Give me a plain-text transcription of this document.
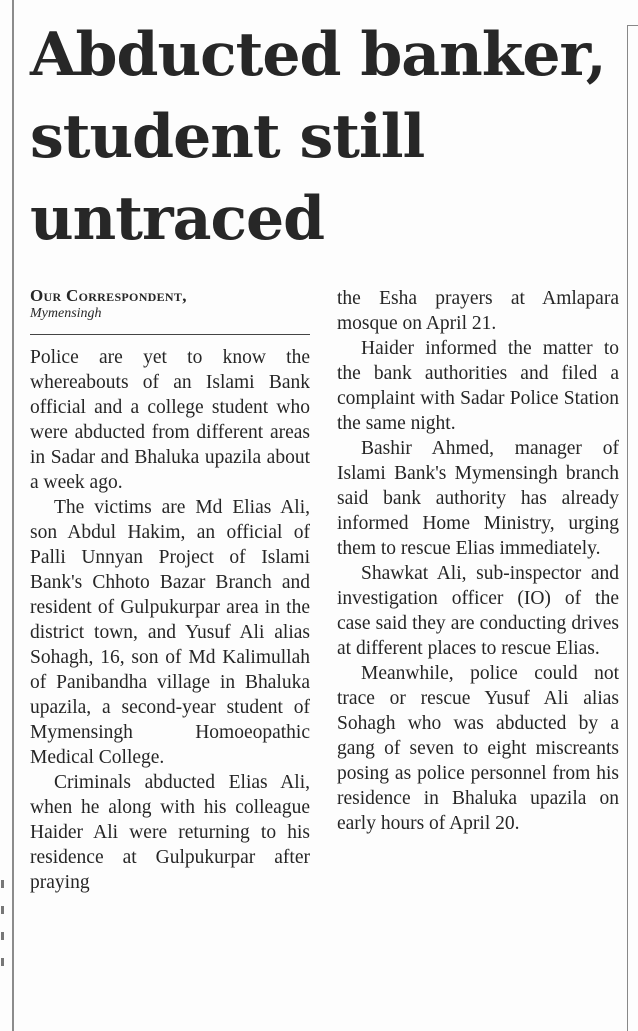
Abducted banker, student still untraced
Our Correspondent,
Mymensingh

Police are yet to know the whereabouts of an Islami Bank official and a college student who were abducted from different areas in Sadar and Bhaluka upazila about a week ago.

The victims are Md Elias Ali, son Abdul Hakim, an official of Palli Unnyan Project of Islami Bank's Chhoto Bazar Branch and resident of Gulpukurpar area in the district town, and Yusuf Ali alias Sohagh, 16, son of Md Kalimullah of Panibandha village in Bhaluka upazila, a second-year student of Mymensingh Homoeopathic Medical College.

Criminals abducted Elias Ali, when he along with his colleague Haider Ali were returning to his residence at Gulpukurpar after praying

the Esha prayers at Amlapara mosque on April 21.

Haider informed the matter to the bank authorities and filed a complaint with Sadar Police Station the same night.

Bashir Ahmed, manager of Islami Bank's Mymensingh branch said bank authority has already informed Home Ministry, urging them to rescue Elias immediately.

Shawkat Ali, sub-inspector and investigation officer (IO) of the case said they are conducting drives at different places to rescue Elias.

Meanwhile, police could not trace or rescue Yusuf Ali alias Sohagh who was abducted by a gang of seven to eight miscreants posing as police personnel from his residence in Bhaluka upazila on early hours of April 20.
